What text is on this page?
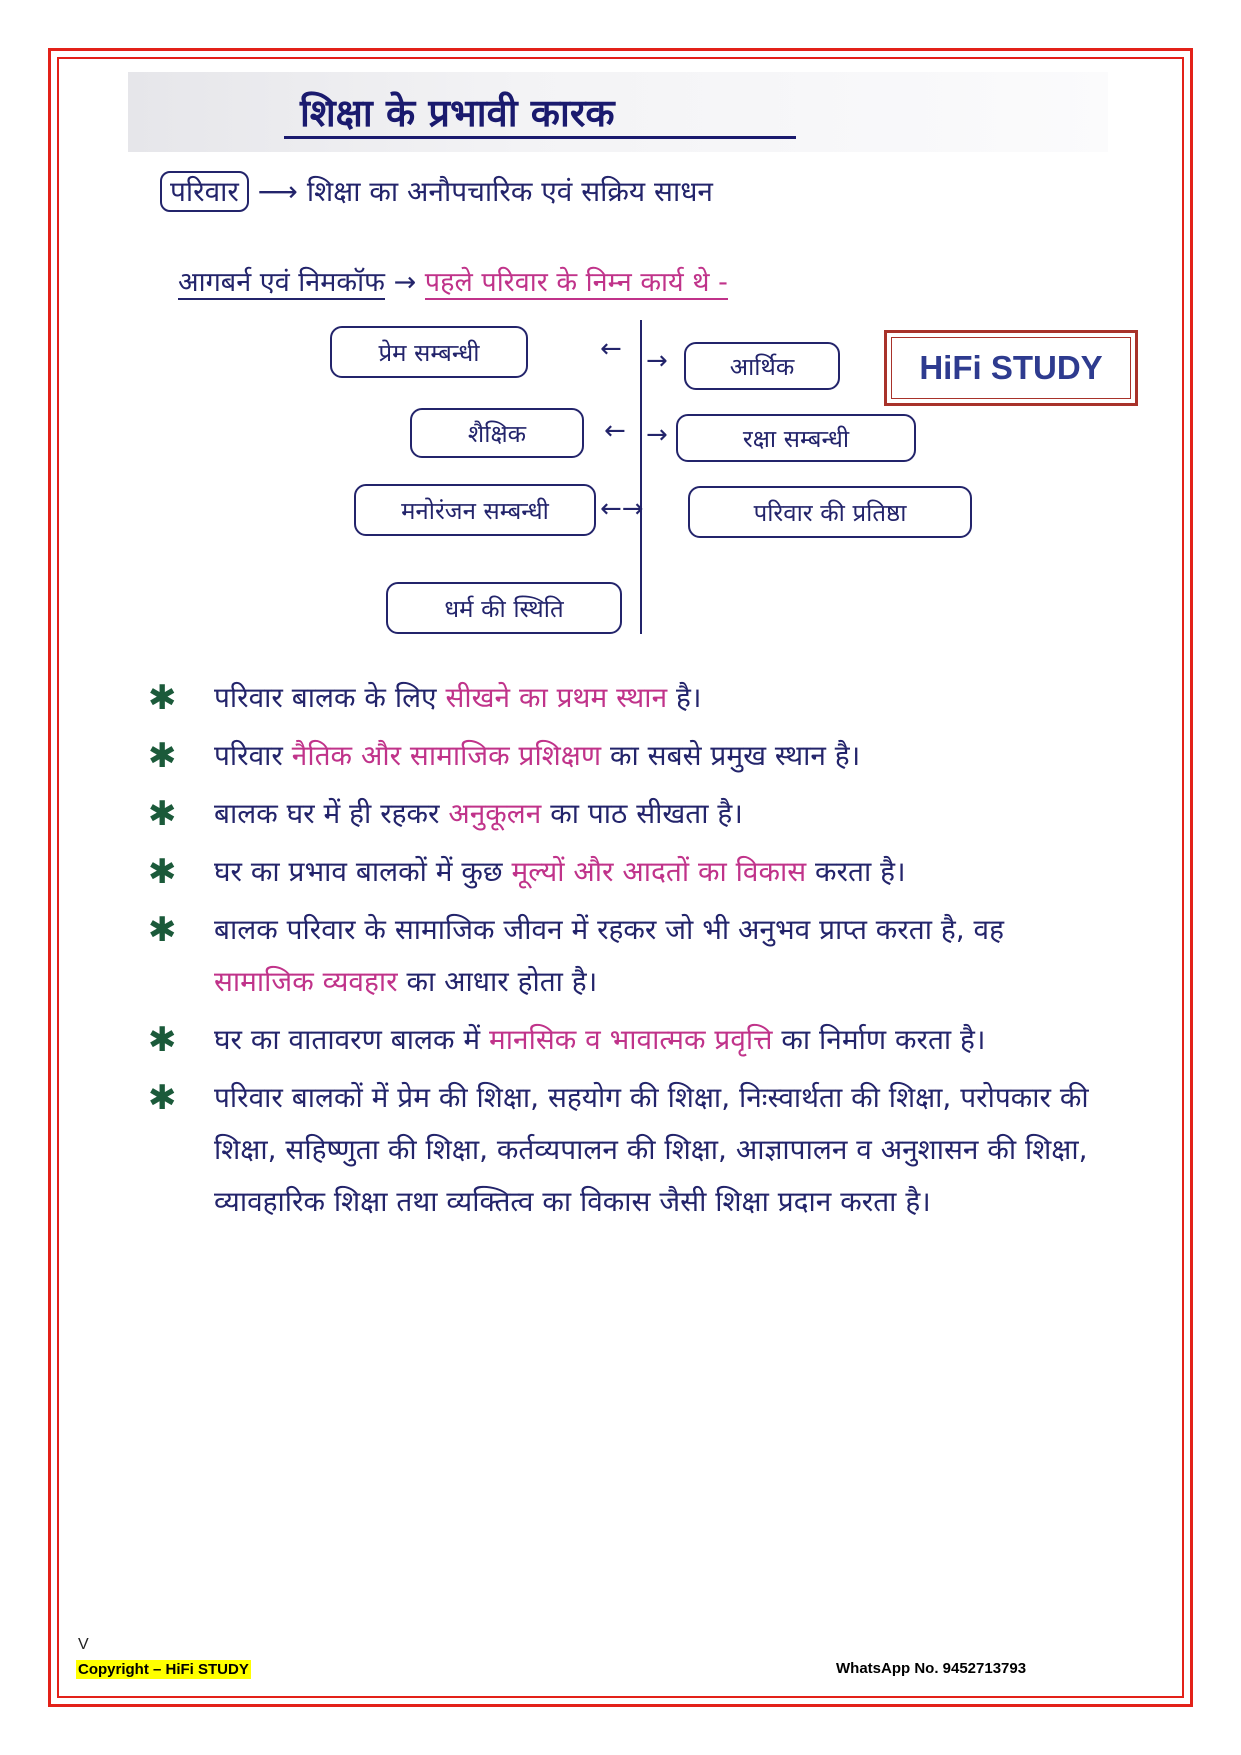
शिक्षा के प्रभावी कारक
परिवार ⟶ शिक्षा का अनौपचारिक एवं सक्रिय साधन
आगबर्न एवं निमकॉफ → पहले परिवार के निम्न कार्य थे -
प्रेम सम्बन्धी
शैक्षिक
मनोरंजन सम्बन्धी
धर्म की स्थिति
आर्थिक
रक्षा सम्बन्धी
परिवार की प्रतिष्ठा
← →
← →
←→
HiFi STUDY
✱ परिवार बालक के लिए सीखने का प्रथम स्थान है।
✱ परिवार नैतिक और सामाजिक प्रशिक्षण का सबसे प्रमुख स्थान है।
✱ बालक घर में ही रहकर अनुकूलन का पाठ सीखता है।
✱ घर का प्रभाव बालकों में कुछ मूल्यों और आदतों का विकास करता है।
✱ बालक परिवार के सामाजिक जीवन में रहकर जो भी अनुभव प्राप्त करता है, वह सामाजिक व्यवहार का आधार होता है।
✱ घर का वातावरण बालक में मानसिक व भावात्मक प्रवृत्ति का निर्माण करता है।
✱ परिवार बालकों में प्रेम की शिक्षा, सहयोग की शिक्षा, निःस्वार्थता की शिक्षा, परोपकार की शिक्षा, सहिष्णुता की शिक्षा, कर्तव्यपालन की शिक्षा, आज्ञापालन व अनुशासन की शिक्षा, व्यावहारिक शिक्षा तथा व्यक्तित्व का विकास जैसी शिक्षा प्रदान करता है।
V
Copyright – HiFi STUDY	WhatsApp No. 9452713793
